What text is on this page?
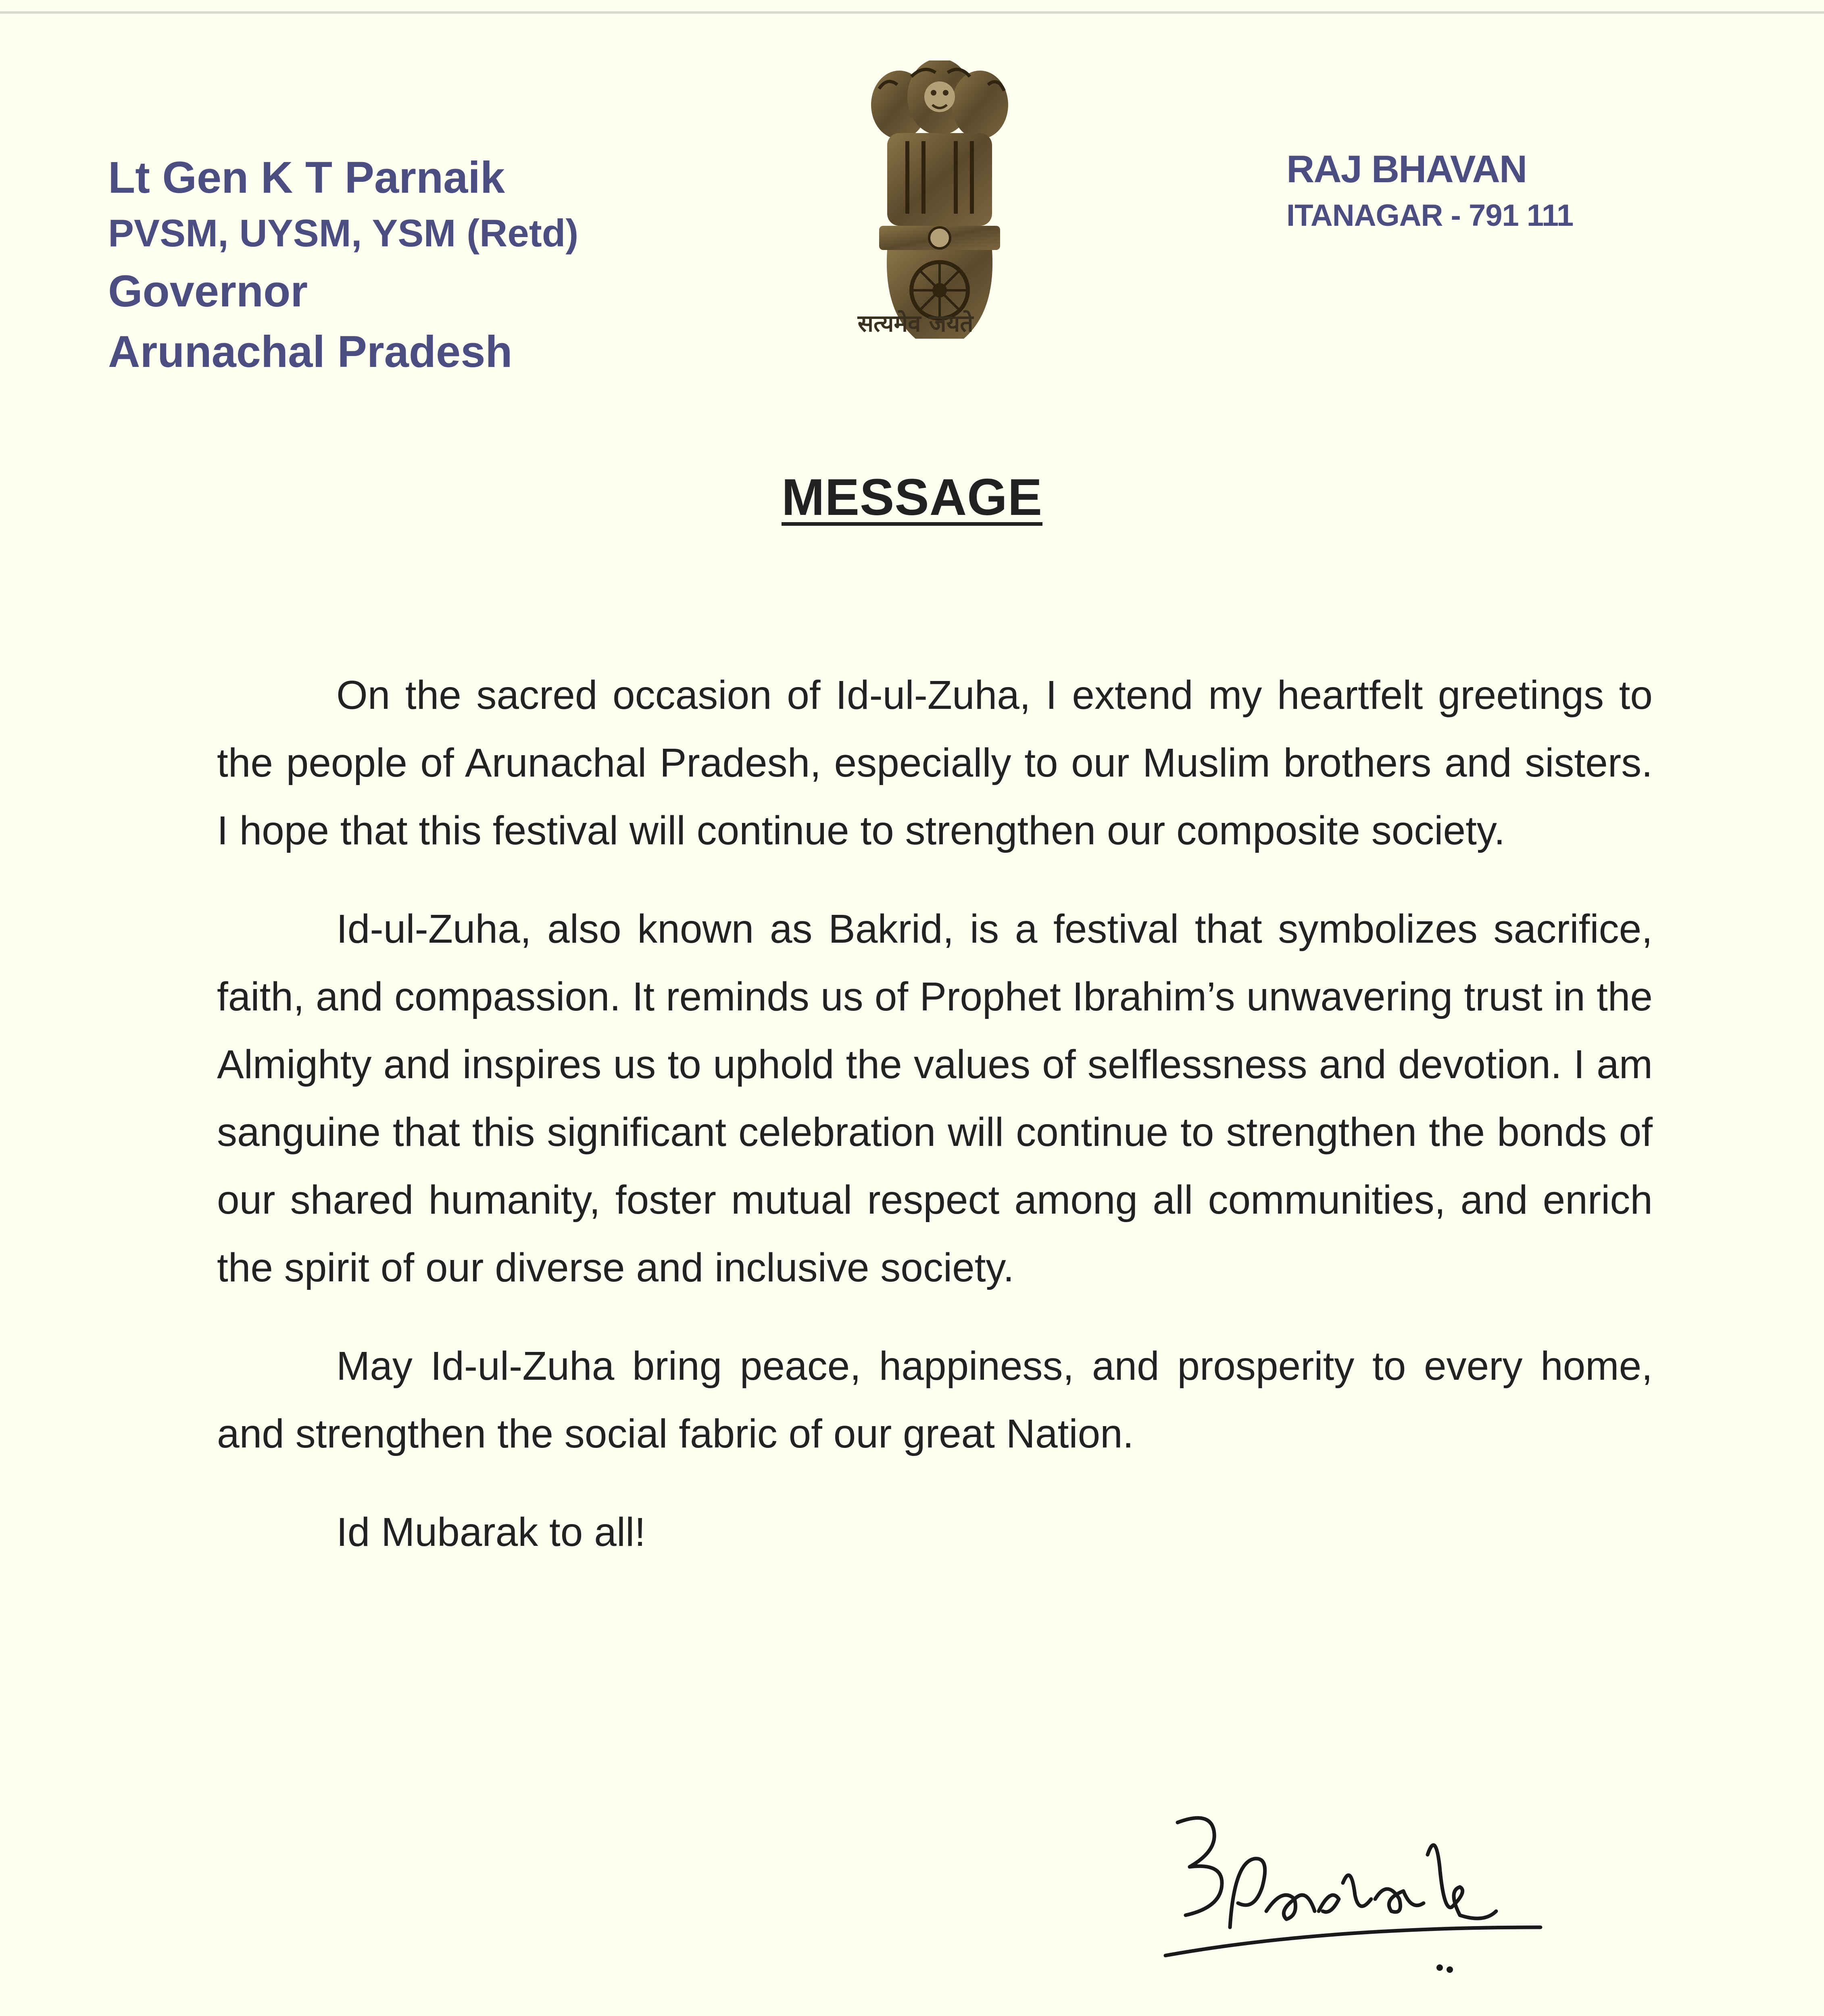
Lt Gen K T Parnaik
PVSM, UYSM, YSM (Retd)
Governor
Arunachal Pradesh
सत्यमेव जयते
RAJ BHAVAN
ITANAGAR - 791 111
MESSAGE

On the sacred occasion of Id-ul-Zuha, I extend my heartfelt greetings to the people of Arunachal Pradesh, especially to our Muslim brothers and sisters. I hope that this festival will continue to strengthen our composite society.

Id-ul-Zuha, also known as Bakrid, is a festival that symbolizes sacrifice, faith, and compassion. It reminds us of Prophet Ibrahim’s unwavering trust in the Almighty and inspires us to uphold the values of selflessness and devotion. I am sanguine that this significant celebration will continue to strengthen the bonds of our shared humanity, foster mutual respect among all communities, and enrich the spirit of our diverse and inclusive society.

May Id-ul-Zuha bring peace, happiness, and prosperity to every home, and strengthen the social fabric of our great Nation.

Id Mubarak to all!
